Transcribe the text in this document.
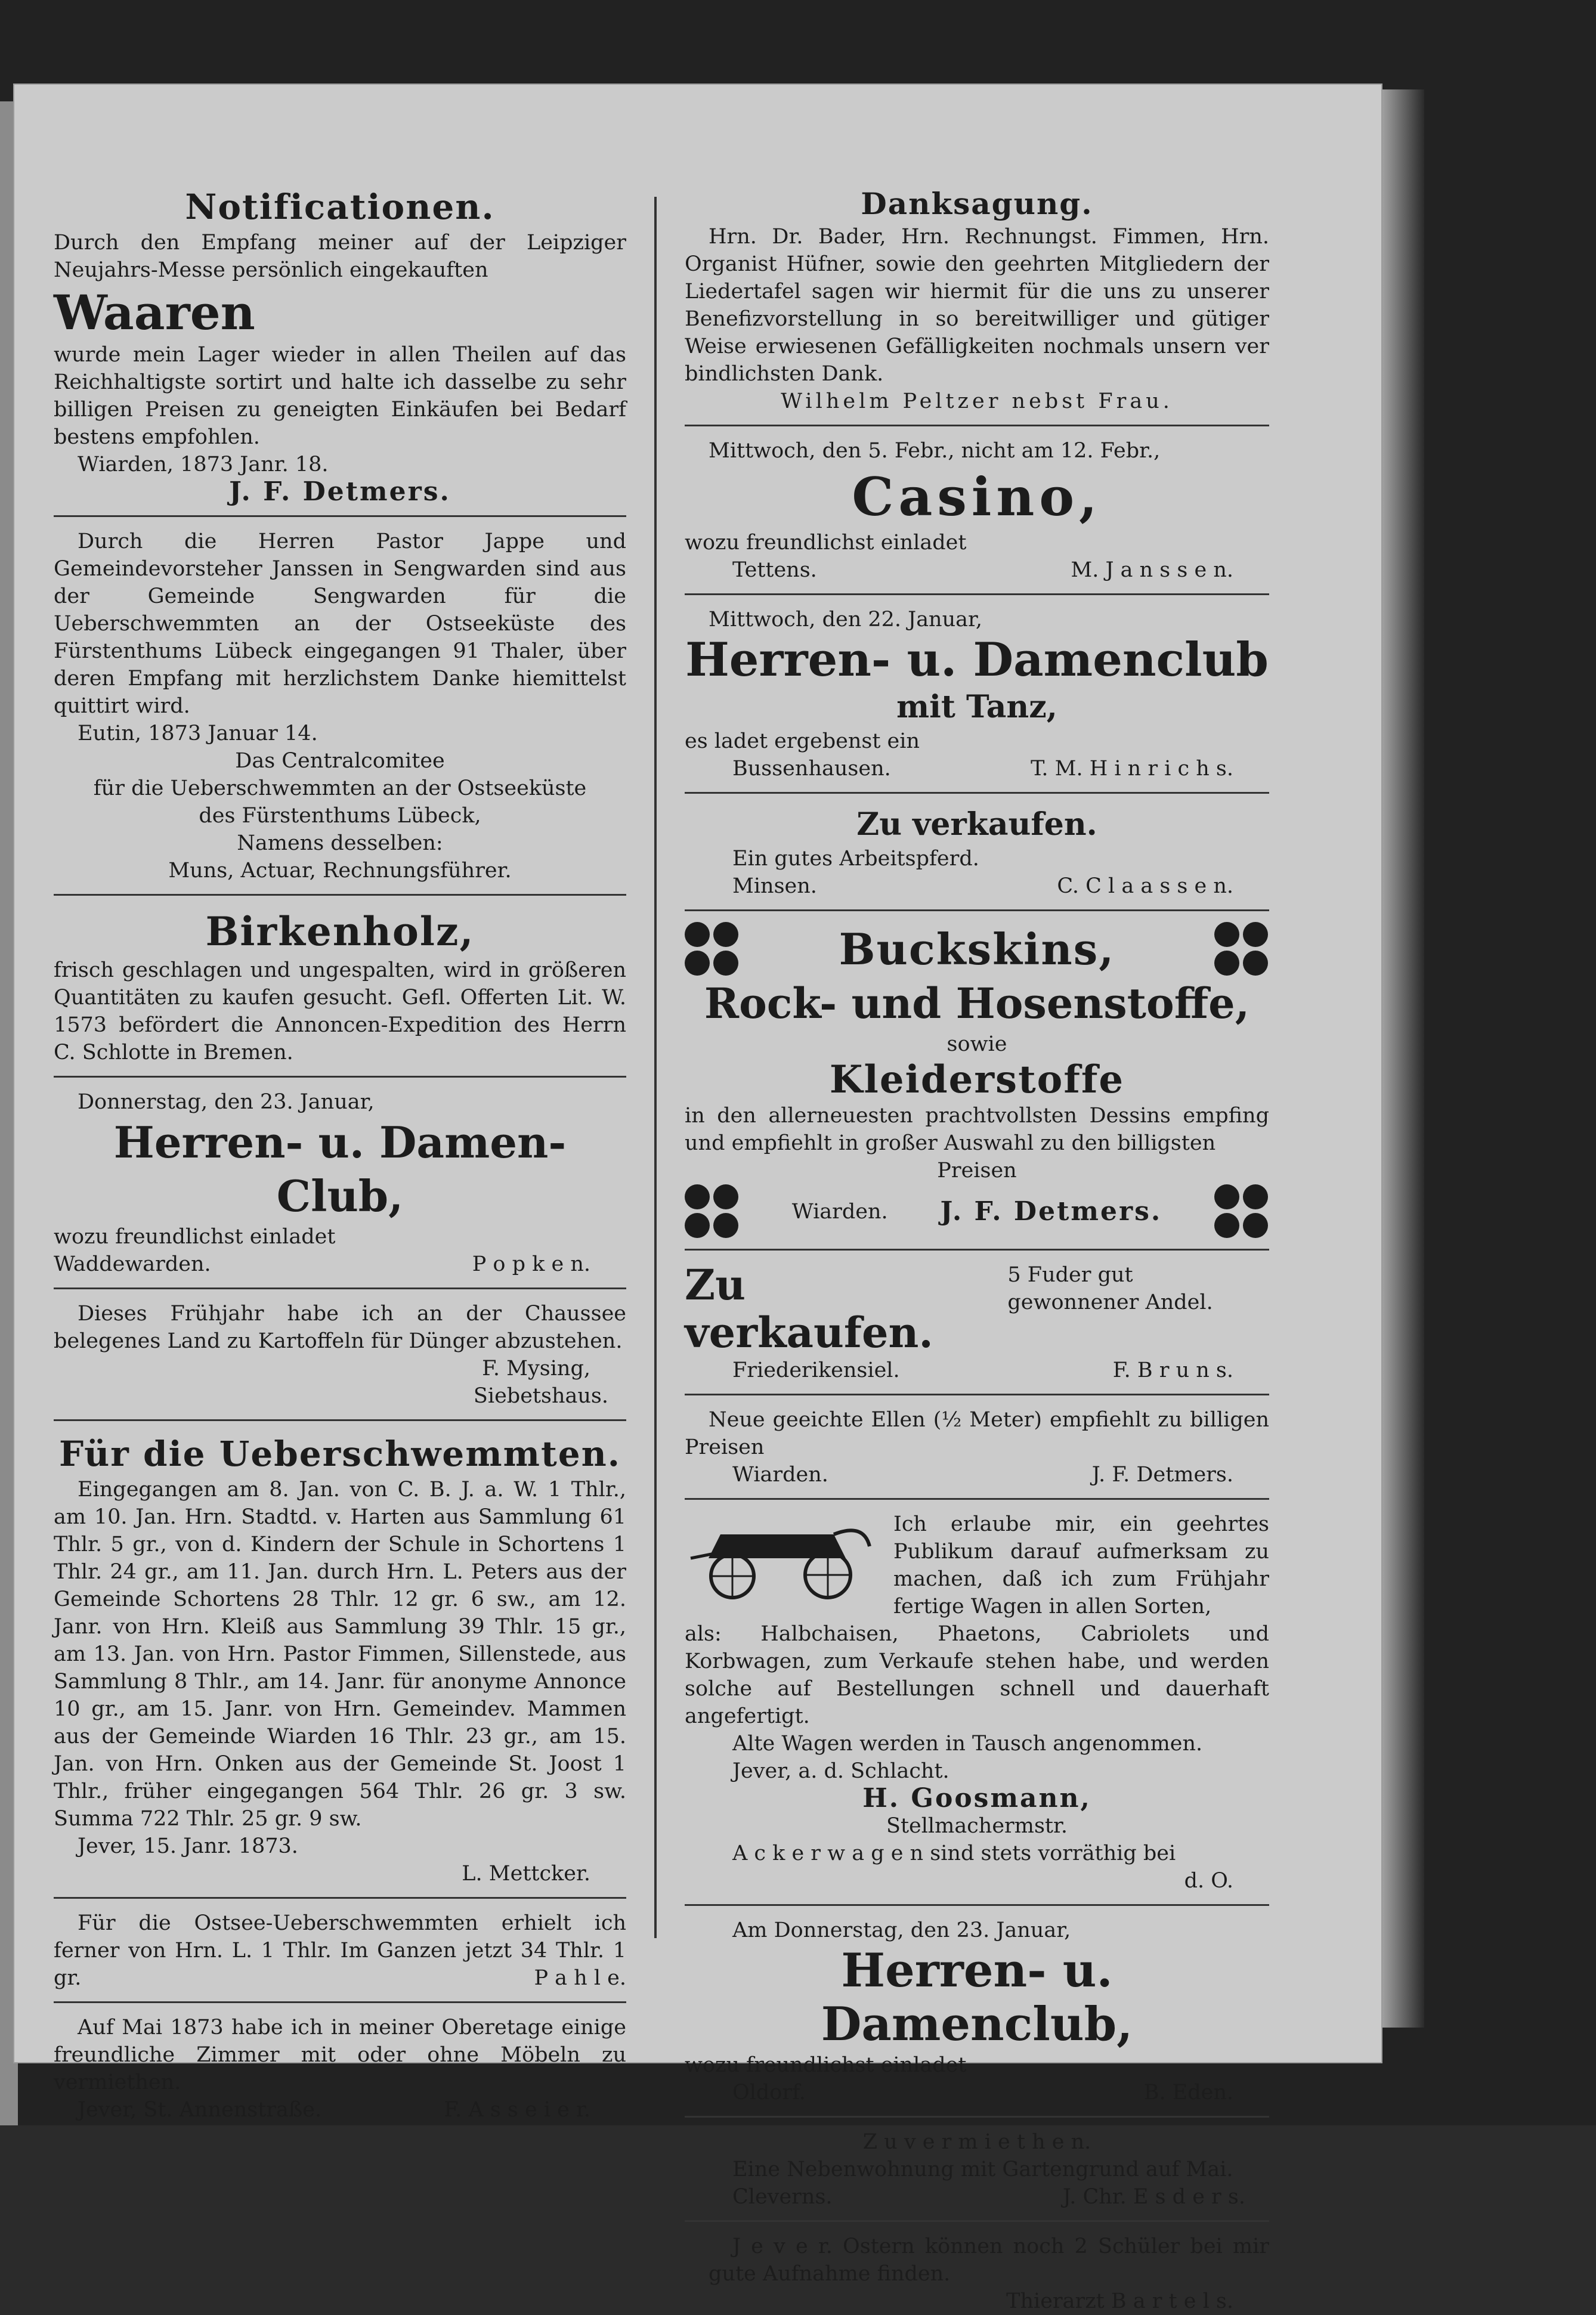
Notificationen.
Durch den Empfang meiner auf der Leipziger Neujahrs-Messe persönlich eingekauften
Waaren
wurde mein Lager wieder in allen Theilen auf das Reichhaltigste sortirt und halte ich dasselbe zu sehr billigen Preisen zu geneigten Einkäufen bei Bedarf bestens empfohlen.
Wiarden, 1873 Janr. 18.
J. F. Detmers.
Durch die Herren Pastor Jappe und Gemeindevorsteher Janssen in Sengwarden sind aus der Gemeinde Sengwarden für die Ueberschwemmten an der Ostseeküste des Fürstenthums Lübeck eingegangen 91 Thaler, über deren Empfang mit herzlichstem Danke hiemittelst quittirt wird.
Eutin, 1873 Januar 14.
Das Centralcomitee
für die Ueberschwemmten an der Ostseeküste
des Fürstenthums Lübeck,
Namens desselben:
Muns, Actuar, Rechnungsführer.
Birkenholz,
frisch geschlagen und ungespalten, wird in größeren Quantitäten zu kaufen gesucht. Gefl. Offerten Lit. W. 1573 befördert die Annoncen-Expedition des Herrn C. Schlotte in Bremen.
Donnerstag, den 23. Januar,
Herren- u. Damen-Club,
wozu freundlichst einladet
Waddewarden.	P o p k e n.
Dieses Frühjahr habe ich an der Chaussee belegenes Land zu Kartoffeln für Dünger abzustehen.
F. Mysing,
Siebetshaus.
Für die Ueberschwemmten.
Eingegangen am 8. Jan. von C. B. J. a. W. 1 Thlr., am 10. Jan. Hrn. Stadtd. v. Harten aus Sammlung 61 Thlr. 5 gr., von d. Kindern der Schule in Schortens 1 Thlr. 24 gr., am 11. Jan. durch Hrn. L. Peters aus der Gemeinde Schortens 28 Thlr. 12 gr. 6 sw., am 12. Janr. von Hrn. Kleiß aus Sammlung 39 Thlr. 15 gr., am 13. Jan. von Hrn. Pastor Fimmen, Sillenstede, aus Sammlung 8 Thlr., am 14. Janr. für anonyme Annonce 10 gr., am 15. Janr. von Hrn. Gemeindev. Mammen aus der Gemeinde Wiarden 16 Thlr. 23 gr., am 15. Jan. von Hrn. Onken aus der Gemeinde St. Joost 1 Thlr., früher eingegangen 564 Thlr. 26 gr. 3 sw. Summa 722 Thlr. 25 gr. 9 sw.
Jever, 15. Janr. 1873.
L. Mettcker.
Für die Ostsee-Ueberschwemmten erhielt ich ferner von Hrn. L. 1 Thlr. Im Ganzen jetzt 34 Thlr. 1 gr.	P a h l e.
Auf Mai 1873 habe ich in meiner Oberetage einige freundliche Zimmer mit oder ohne Möbeln zu vermiethen.
Jever, St. Annenstraße.	F. A s s e i e r.
Danksagung.
Hrn. Dr. Bader, Hrn. Rechnungst. Fimmen, Hrn. Organist Hüfner, sowie den geehrten Mitgliedern der Liedertafel sagen wir hiermit für die uns zu unserer Benefizvorstellung in so bereitwilliger und gütiger Weise erwiesenen Gefälligkeiten nochmals unsern ver bindlichsten Dank.
Wilhelm Peltzer nebst Frau.
Mittwoch, den 5. Febr., nicht am 12. Febr.,
Casino,
wozu freundlichst einladet
Tettens.	M. J a n s s e n.
Mittwoch, den 22. Januar,
Herren- u. Damenclub
mit Tanz,
es ladet ergebenst ein
Bussenhausen.	T. M. H i n r i c h s.
Zu verkaufen.
Ein gutes Arbeitspferd.
Minsen.	C. C l a a s s e n.
Buckskins,
Rock- und Hosenstoffe,
sowie
Kleiderstoffe
in den allerneuesten prachtvollsten Dessins empfing und empfiehlt in großer Auswahl zu den billigsten
Preisen
Wiarden. J. F. Detmers.
Zu verkaufen.
5 Fuder gut gewonnener Andel.
Friederikensiel.	F. B r u n s.
Neue geeichte Ellen (½ Meter) empfiehlt zu billigen Preisen
Wiarden.	J. F. Detmers.
Ich erlaube mir, ein geehrtes Publikum darauf aufmerksam zu machen, daß ich zum Frühjahr fertige Wagen in allen Sorten,
als: Halbchaisen, Phaetons, Cabriolets und Korbwagen, zum Verkaufe stehen habe, und werden solche auf Bestellungen schnell und dauerhaft angefertigt.
Alte Wagen werden in Tausch angenommen.
Jever, a. d. Schlacht.
H. Goosmann,
Stellmachermstr.
A c k e r w a g e n sind stets vorräthig bei
d. O.
Am Donnerstag, den 23. Januar,
Herren- u. Damenclub,
wozu freundlichst einladet
Oldorf.	B. Eden.
Z u v e r m i e t h e n.
Eine Nebenwohnung mit Gartengrund auf Mai.
Cleverns.	J. Chr. E s d e r s.
J e v e r. Ostern können noch 2 Schüler bei mir gute Aufnahme finden.
Thierarzt B a r t e l s.
